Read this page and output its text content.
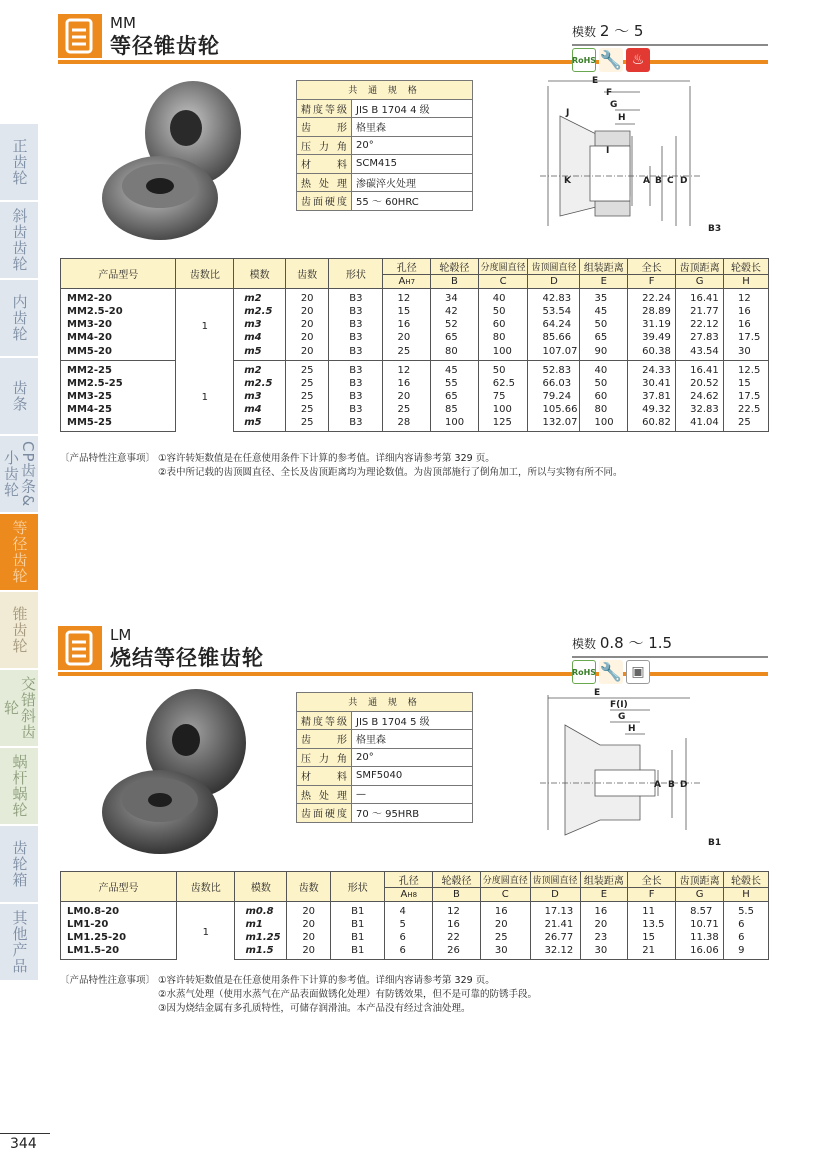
正齿轮
斜齿齿轮
内齿轮
齿条
CP齿条&小齿轮
等径齿轮
锥齿轮
交错斜齿轮
蜗杆蜗轮
齿轮箱
其他产品
MM
等径锥齿轮
模数 2 ～ 5
RoHS 🔧 ♨
共 通 规 格	
精度等级	JIS B 1704 4 级
齿形	格里森
压力角	20°
材料	SCM415
热处理	渗碳淬火处理
齿面硬度	55 ～ 60HRC
E
F
G
H
I
J
K	A B C D
B3
产品型号	齿数比	模数	齿数	形状	孔径	轮毂径	分度圆直径	齿顶圆直径	组装距离	全长	齿顶距离	轮毂长
					AH7	B	C	D	E	F	G	H
MM2-20	1	m2	20	B3	12	34	40	42.83	35	22.24	16.41	12
MM2.5-20		m2.5	20	B3	15	42	50	53.54	45	28.89	21.77	16
MM3-20		m3	20	B3	16	52	60	64.24	50	31.19	22.12	16
MM4-20		m4	20	B3	20	65	80	85.66	65	39.49	27.83	17.5
MM5-20		m5	20	B3	25	80	100	107.07	90	60.38	43.54	30
MM2-25	1	m2	25	B3	12	45	50	52.83	40	24.33	16.41	12.5
MM2.5-25		m2.5	25	B3	16	55	62.5	66.03	50	30.41	20.52	15
MM3-25		m3	25	B3	20	65	75	79.24	60	37.81	24.62	17.5
MM4-25		m4	25	B3	25	85	100	105.66	80	49.32	32.83	22.5
MM5-25		m5	25	B3	28	100	125	132.07	100	60.82	41.04	25
〔产品特性注意事项〕 ①容许转矩数值是在任意使用条件下计算的参考值。详细内容请参考第 329 页。
②表中所记载的齿顶圆直径、全长及齿顶距离均为理论数值。为齿顶部施行了倒角加工，所以与实物有所不同。
LM
烧结等径锥齿轮
模数 0.8 ～ 1.5
RoHS 🔧 ▣
共 通 规 格	
精度等级	JIS B 1704 5 级
齿形	格里森
压力角	20°
材料	SMF5040
热处理	—
齿面硬度	70 ～ 95HRB
E
F(I)
G
H
A B D
B1
产品型号	齿数比	模数	齿数	形状	孔径	轮毂径	分度圆直径	齿顶圆直径	组装距离	全长	齿顶距离	轮毂长
					AH8	B	C	D	E	F	G	H
LM0.8-20	1	m0.8	20	B1	4	12	16	17.13	16	11	8.57	5.5
LM1-20		m1	20	B1	5	16	20	21.41	20	13.5	10.71	6
LM1.25-20		m1.25	20	B1	6	22	25	26.77	23	15	11.38	6
LM1.5-20		m1.5	20	B1	6	26	30	32.12	30	21	16.06	9
〔产品特性注意事项〕 ①容许转矩数值是在任意使用条件下计算的参考值。详细内容请参考第 329 页。
②水蒸气处理（使用水蒸气在产品表面做锈化处理）有防锈效果，但不是可靠的防锈手段。
③因为烧结金属有多孔质特性，可储存润滑油。本产品没有经过含油处理。
344
